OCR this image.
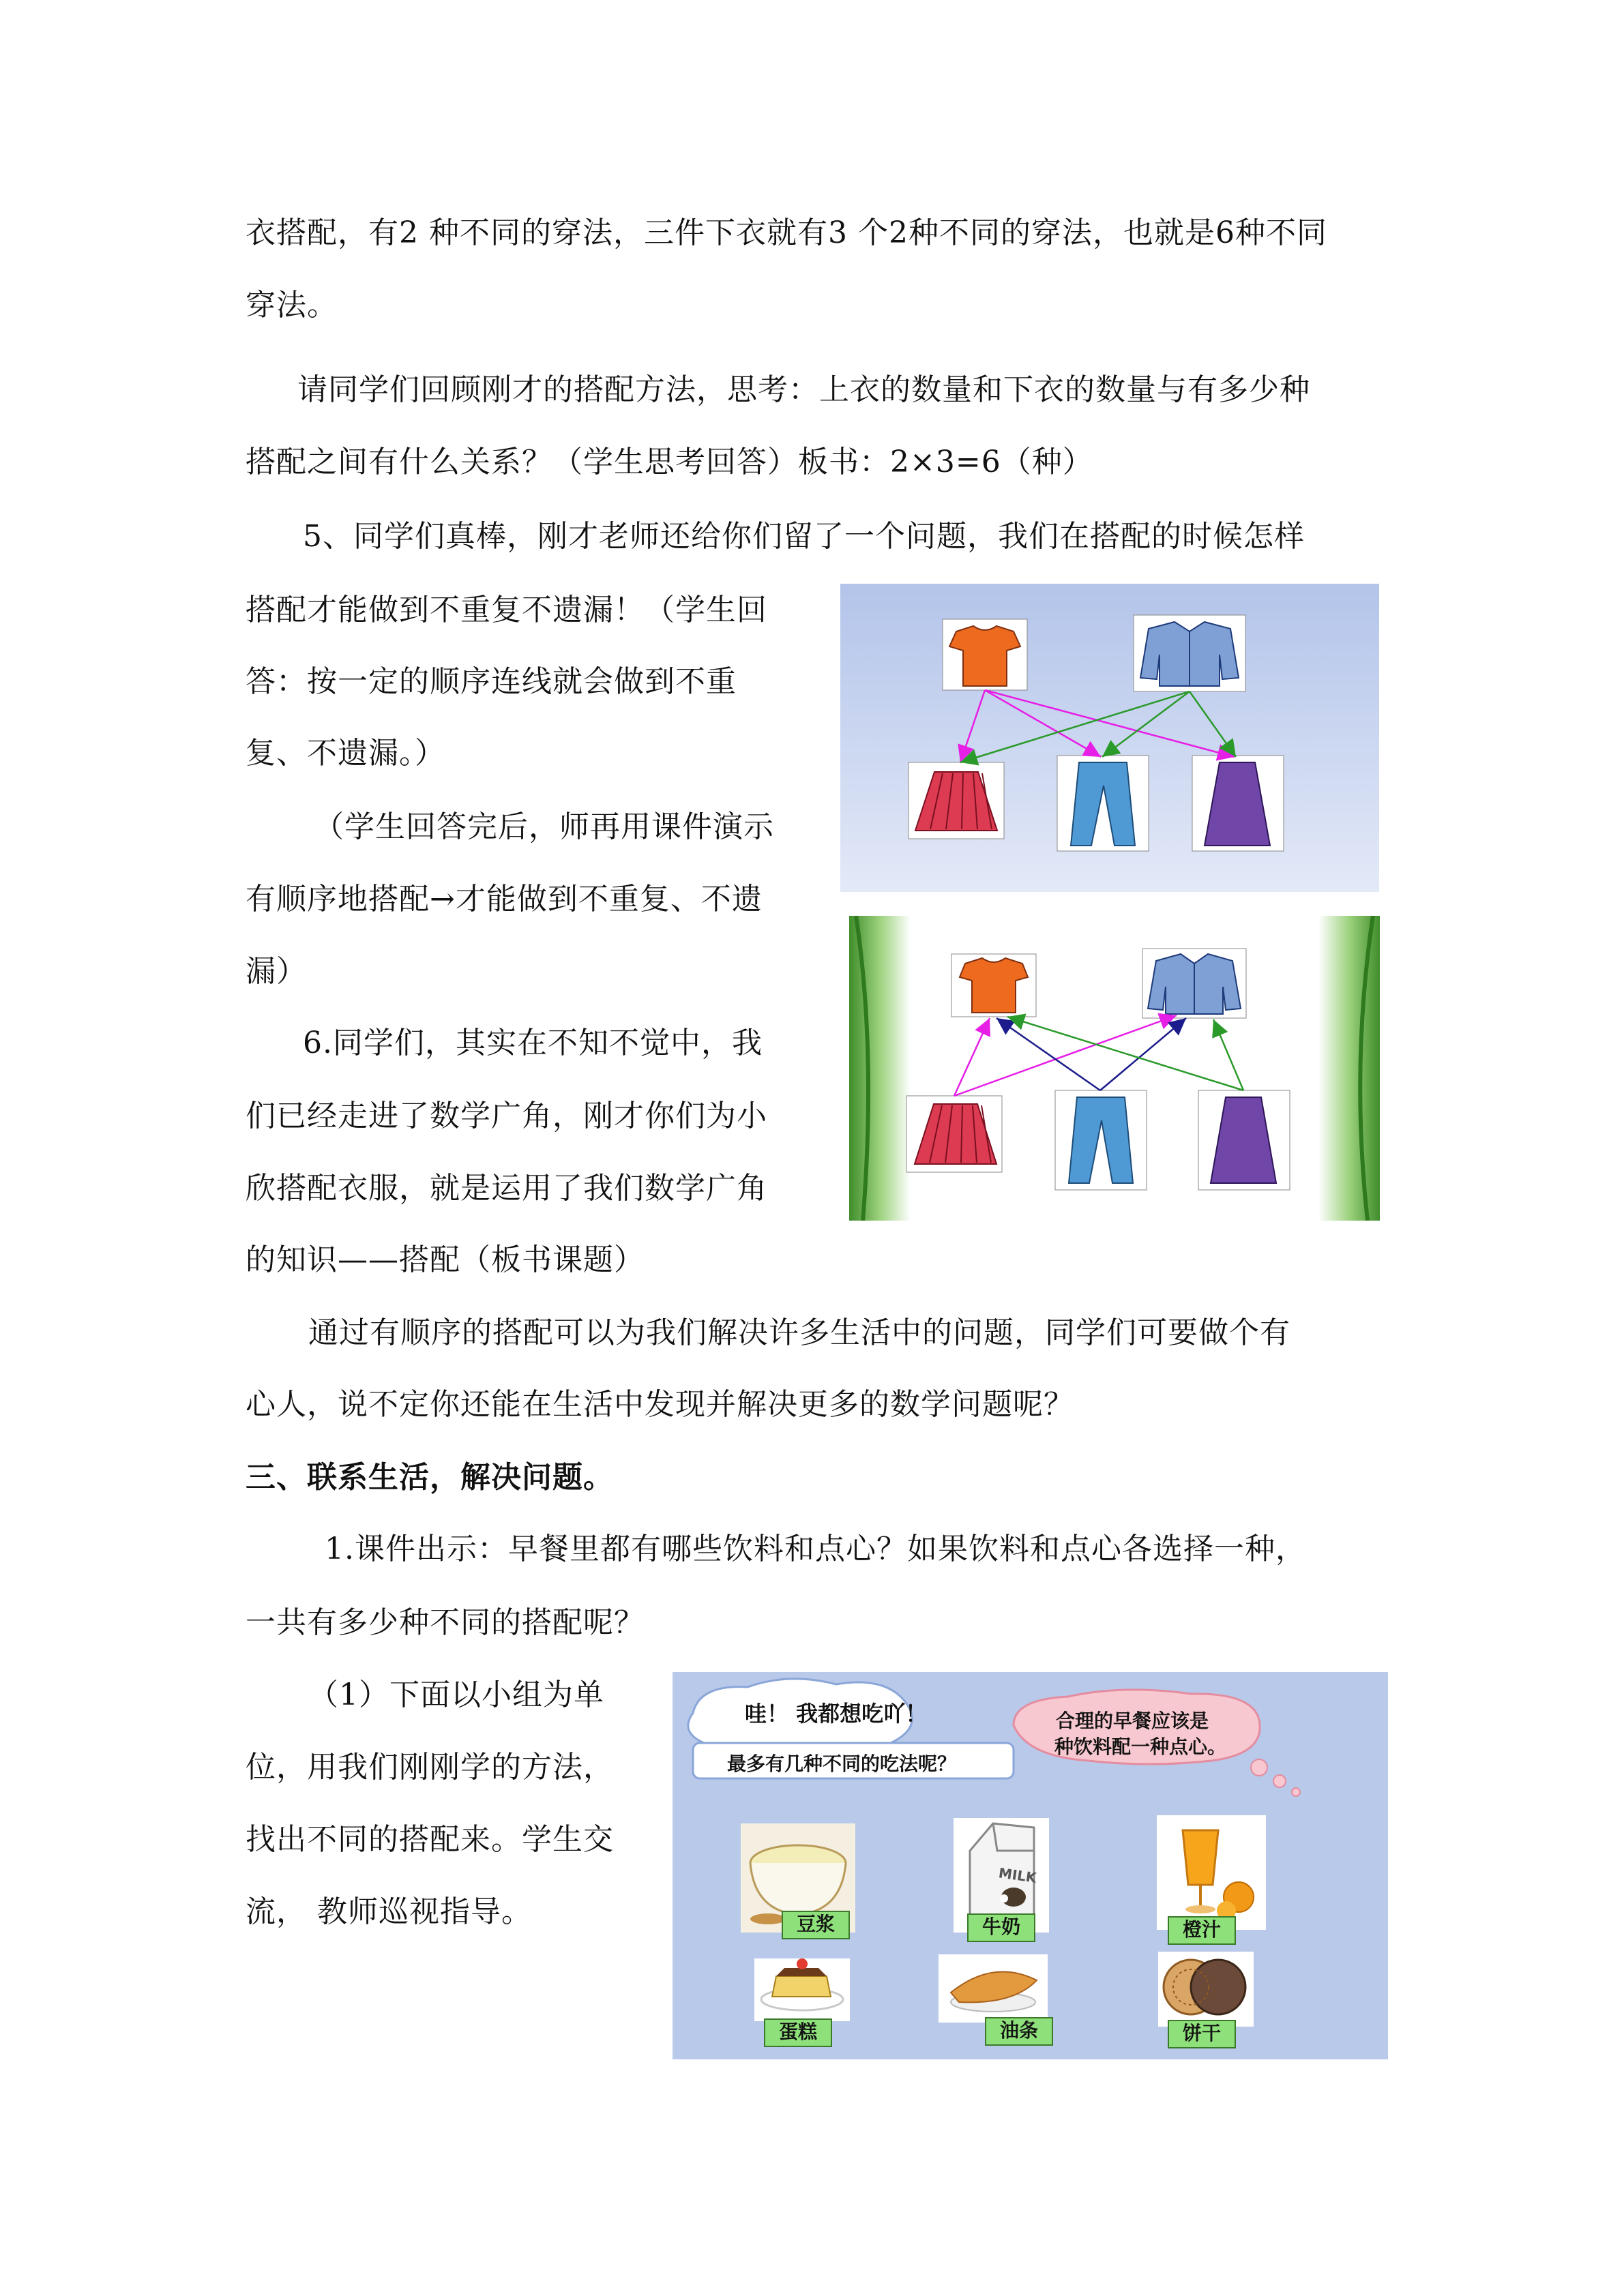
衣搭配，有2 种不同的穿法，三件下衣就有3 个2种不同的穿法，也就是6种不同
穿法。
请同学们回顾刚才的搭配方法，思考：上衣的数量和下衣的数量与有多少种
搭配之间有什么关系？（学生思考回答）板书：2×3=6（种）
5、同学们真棒，刚才老师还给你们留了一个问题，我们在搭配的时候怎样
搭配才能做到不重复不遗漏！（学生回
答：按一定的顺序连线就会做到不重
复、不遗漏。）
（学生回答完后，师再用课件演示
有顺序地搭配→才能做到不重复、不遗
漏）
6.同学们，其实在不知不觉中，我
们已经走进了数学广角，刚才你们为小
欣搭配衣服，就是运用了我们数学广角
的知识——搭配（板书课题）
通过有顺序的搭配可以为我们解决许多生活中的问题，同学们可要做个有
心人，说不定你还能在生活中发现并解决更多的数学问题呢？
三、联系生活，解决问题。
1.课件出示：早餐里都有哪些饮料和点心？如果饮料和点心各选择一种，
一共有多少种不同的搭配呢？
（1）下面以小组为单
位，用我们刚刚学的方法，
找出不同的搭配来。学生交
流， 教师巡视指导。
哇！ 我都想吃吖！
最多有几种不同的吃法呢？
合理的早餐应该是
种饮料配一种点心。
MILK
豆浆	牛奶	橙汁
蛋糕	油条	饼干
